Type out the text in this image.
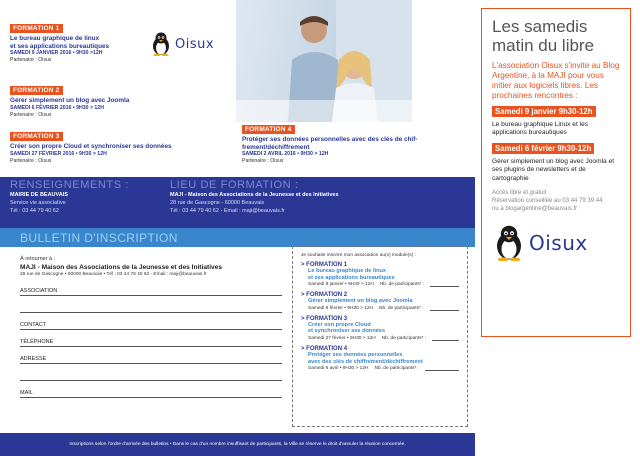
FORMATION 1
Le bureau graphique de linux
et ses applications bureautiques
SAMEDI 9 JANVIER 2016 • 9H30 >12H
Partenaire : Oisux
Oisux
FORMATION 2
Gérer simplement un blog avec Joomla
SAMEDI 6 FÉVRIER 2016 • 9H30 > 12H
Partenaire : Oisux
FORMATION 3
Créer son propre Cloud et synchroniser ses données
SAMEDI 27 FÉVRIER 2016 • 9H30 > 12H
Partenaire : Oisux
FORMATION 4
Protéger ses données personnelles avec des clés de chif-
frement/déchiffrement
SAMEDI 2 AVRIL 2016 • 9H30 > 12H
Partenaire : Oisux
RENSEIGNEMENTS :
MAIRIE DE BEAUVAIS
Service vie associative
Tél : 03 44 79 40 62
LIEU DE FORMATION :
MAJI - Maison des Associations de la Jeunesse et des Initiatives
28 rue de Gascogne - 60000 Beauvais
Tél : 03 44 79 40 62 - Email : maji@beauvais.fr
BULLETIN D'INSCRIPTION
À retourner à :
MAJI - Maison des Associations de la Jeunesse et des Initiatives
28 rue de Gascogne • 60000 Beauvais • Tél : 03 44 79 40 62 - Email : maji@beauvais.fr
ASSOCIATION
CONTACT
TÉLÉPHONE
ADRESSE
MAIL
Je souhaite inscrire mon association au(x) module(s) :
> FORMATION 1
Le bureau graphique de linux
et ses applications bureautiques
Samedi 9 janvier • 9H30 > 12H Nb. de participants* :
> FORMATION 2
Gérer simplement un blog avec Joomla
Samedi 6 février • 9H30 > 12H Nb. de participants* :
> FORMATION 3
Créer son propre Cloud
et synchroniser ses données
Samedi 27 février • 9H30 > 12H Nb. de participants* :
> FORMATION 4
Protéger ses données personnelles
avec des clés de chiffrement/déchiffrement
Samedi 6 avril • 9H30 > 12H Nb. de participants* :
Inscriptions selon l'ordre d'arrivée des bulletins • Dans le cas d'un nombre insuffisant de participants, la Ville se réserve le droit d'annuler la réunion concernée.
Les samedis
matin du libre
L'association Oisux s'invite au Blog Argentine, à la MAJI pour vous initier aux logiciels libres. Les prochaines rencontres :
Samedi 9 janvier 9h30-12h
Le bureau graphique Linux et les applications bureautiques
Samedi 6 février 9h30-12h
Gérer simplement un blog avec Joomla et ses plugins de newsletters et de cartographie
Accès libre et gratuit
Réservation conseillée au 03 44 79 39 44
ou à blogargentine@beauvais.fr
Oisux
